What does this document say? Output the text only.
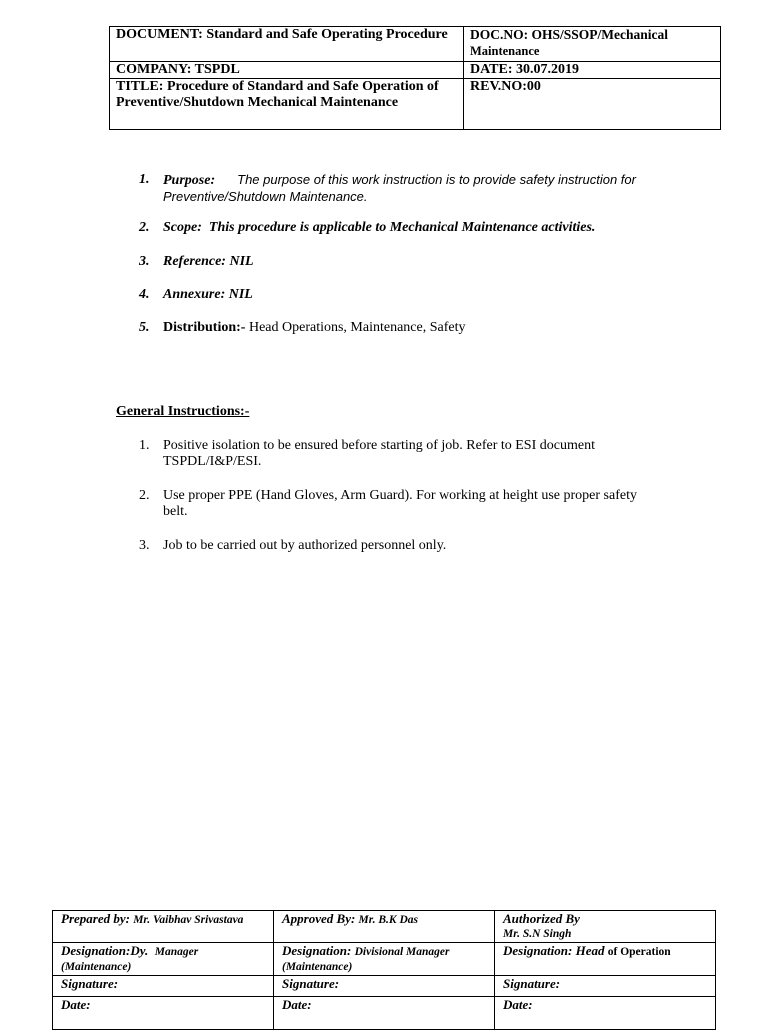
DOCUMENT: Standard and Safe Operating Procedure	DOC.NO: OHS/SSOP/Mechanical
Maintenance
COMPANY: TSPDL	DATE: 30.07.2019
TITLE: Procedure of Standard and Safe Operation of Preventive/Shutdown Mechanical Maintenance	REV.NO:00
1. Purpose: The purpose of this work instruction is to provide safety instruction for Preventive/Shutdown Maintenance.
2. Scope: This procedure is applicable to Mechanical Maintenance activities.
3. Reference: NIL
4. Annexure: NIL
5. Distribution:- Head Operations, Maintenance, Safety
General Instructions:-
1. Positive isolation to be ensured before starting of job. Refer to ESI document TSPDL/I&P/ESI.
2. Use proper PPE (Hand Gloves, Arm Guard). For working at height use proper safety belt.
3. Job to be carried out by authorized personnel only.
Prepared by: Mr. Vaibhav Srivastava	Approved By: Mr. B.K Das	Authorized By
Mr. S.N Singh
Designation:Dy. Manager
(Maintenance)	Designation: Divisional Manager
(Maintenance)	Designation: Head of Operation
Signature:	Signature:	Signature:
Date:	Date:	Date:
